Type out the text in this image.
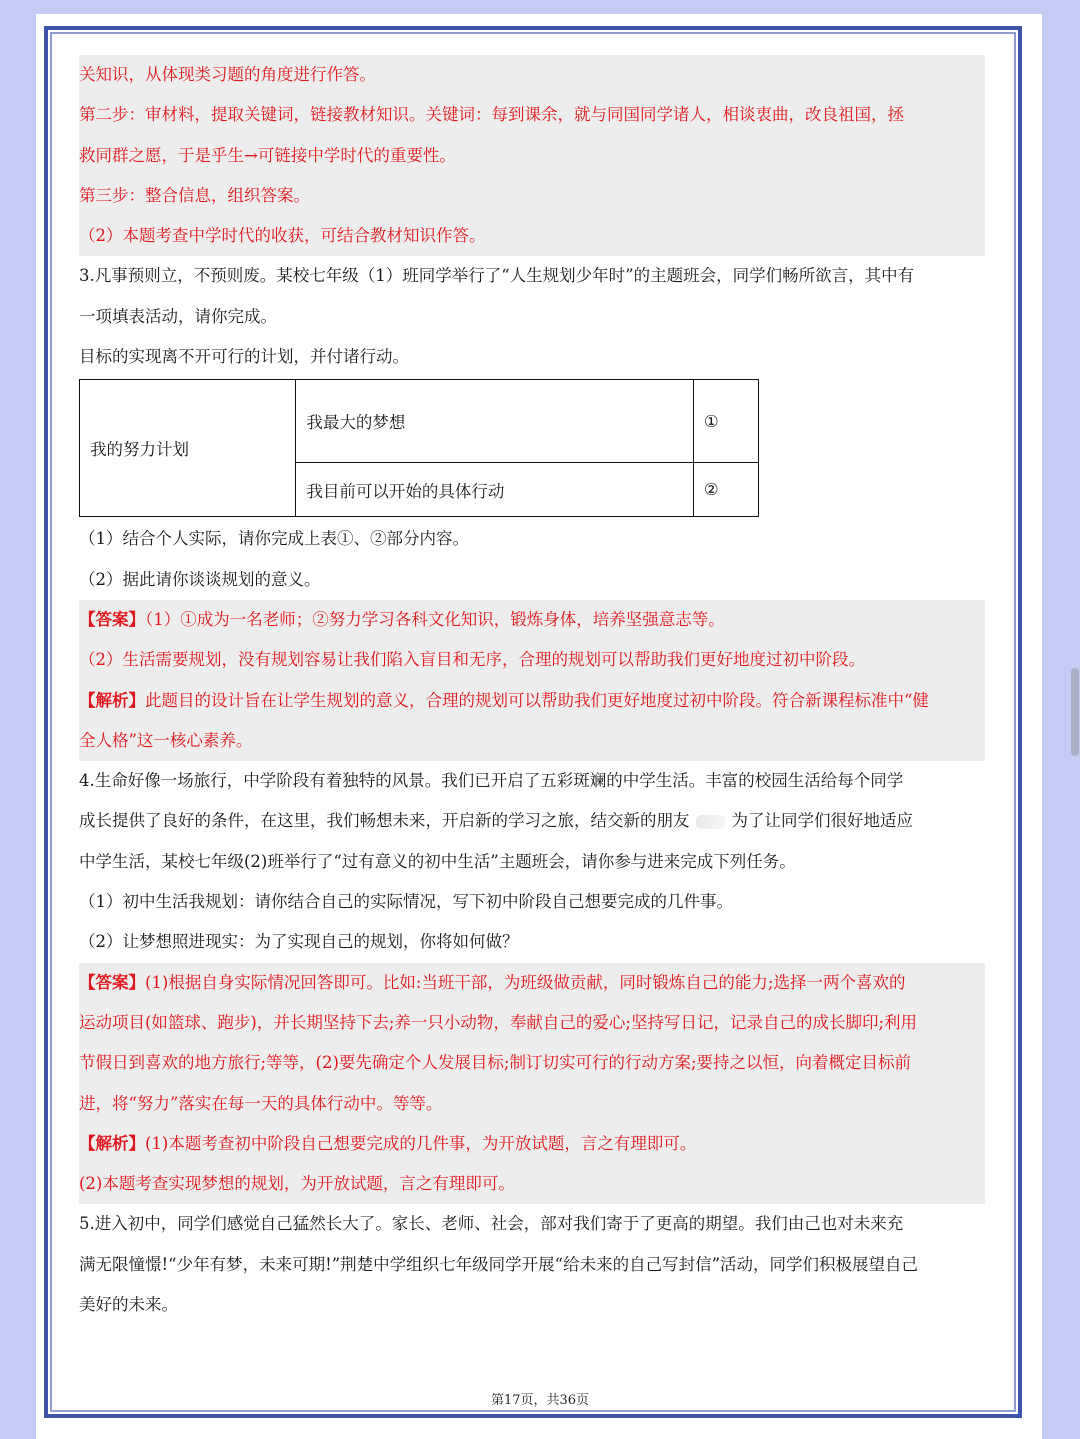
关知识，从体现类习题的角度进行作答。
第二步：审材料，提取关键词，链接教材知识。关键词：每到课余，就与同国同学诸人，相谈衷曲，改良祖国，拯
救同群之愿，于是乎生→可链接中学时代的重要性。
第三步：整合信息，组织答案。
（2）本题考查中学时代的收获，可结合教材知识作答。
3.凡事预则立，不预则废。某校七年级（1）班同学举行了“人生规划少年时”的主题班会，同学们畅所欲言，其中有
一项填表活动，请你完成。
目标的实现离不开可行的计划，并付诸行动。
我的努力计划	我最大的梦想	①
	我目前可以开始的具体行动	②
（1）结合个人实际，请你完成上表①、②部分内容。
（2）据此请你谈谈规划的意义。
【答案】（1）①成为一名老师；②努力学习各科文化知识，锻炼身体，培养坚强意志等。
（2）生活需要规划，没有规划容易让我们陷入盲目和无序，合理的规划可以帮助我们更好地度过初中阶段。
【解析】此题目的设计旨在让学生规划的意义，合理的规划可以帮助我们更好地度过初中阶段。符合新课程标准中“健
全人格”这一核心素养。
4.生命好像一场旅行，中学阶段有着独特的风景。我们已开启了五彩斑斓的中学生活。丰富的校园生活给每个同学
成长提供了良好的条件，在这里，我们畅想未来，开启新的学习之旅，结交新的朋友	为了让同学们很好地适应
中学生活，某校七年级(2)班举行了“过有意义的初中生活”主题班会，请你参与进来完成下列任务。
（1）初中生活我规划：请你结合自己的实际情况，写下初中阶段自己想要完成的几件事。
（2）让梦想照进现实：为了实现自己的规划，你将如何做？
【答案】(1)根据自身实际情况回答即可。比如:当班干部，为班级做贡献，同时锻炼自己的能力;选择一两个喜欢的
运动项目(如篮球、跑步)，并长期坚持下去;养一只小动物，奉献自己的爱心;坚持写日记，记录自己的成长脚印;利用
节假日到喜欢的地方旅行;等等，(2)要先确定个人发展目标;制订切实可行的行动方案;要持之以恒，向着概定目标前
进，将“努力”落实在每一天的具体行动中。等等。
【解析】(1)本题考查初中阶段自己想要完成的几件事，为开放试题，言之有理即可。
(2)本题考查实现梦想的规划，为开放试题，言之有理即可。
5.进入初中，同学们感觉自己猛然长大了。家长、老师、社会，部对我们寄于了更高的期望。我们由己也对未来充
满无限憧憬!“少年有梦，未来可期!”荆楚中学组织七年级同学开展“给未来的自己写封信”活动，同学们积极展望自己
美好的未来。
第17页，共36页
